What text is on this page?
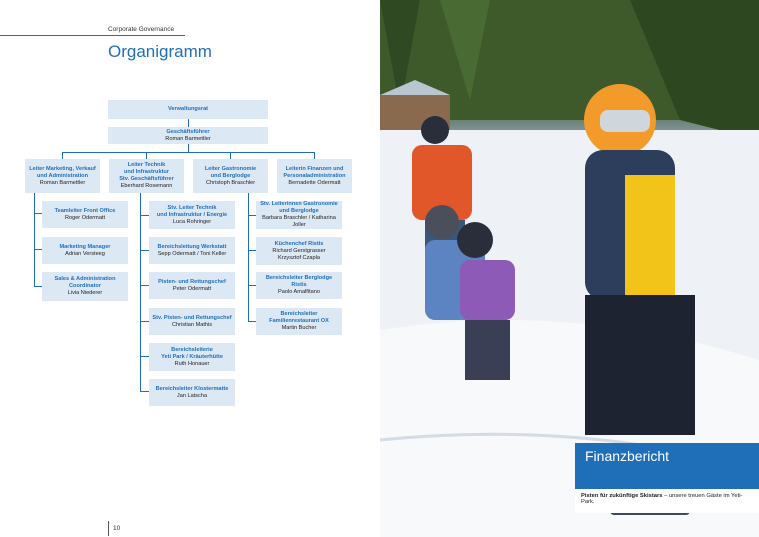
Corporate Governance
Organigramm
Verwaltungsrat
Geschäftsführer
Roman Barmettler
Leiter Marketing, Verkauf
und Administration
Roman Barmettler
Leiter Technik
und Infrastruktur
Stv. Geschäftsführer
Eberhard Rosemann
Leiter Gastronomie
und Berglodge
Christoph Braschler
Leiterin Finanzen und
Personaladministration
Bernadette Odermatt
Teamleiter Front Office
Roger Odermatt
Marketing Manager
Adrian Versteeg
Sales & Administration
Coordinator
Livia Niederer
Stv. Leiter Technik
und Infrastruktur / Energie
Luca Rohringer
Bereichsleitung Werkstatt
Sepp Odermatt / Toni Keller
Pisten- und Rettungschef
Peter Odermatt
Stv. Pisten- und Rettungschef
Christian Mathis
Bereichsleiterie
Yeti Park / Kräuterhütte
Ruth Honauer
Bereichsleiter Klostermatte
Jan Latscha
Stv. Leiterinnen Gastronomie
und Berglodge
Barbara Braschler / Katharina Joller
Küchenchef Ristis
Richard Gerstgrasser
Krzysztof Czapla
Bereichsleiter Berglodge Ristis
Paolo Amalfitano
Bereichsleiter
Familienrestaurant OX
Martin Bucher
10
Finanzbericht
Pisten für zukünftige Skistars – unsere treuen Gäste im Yeti-Park.
